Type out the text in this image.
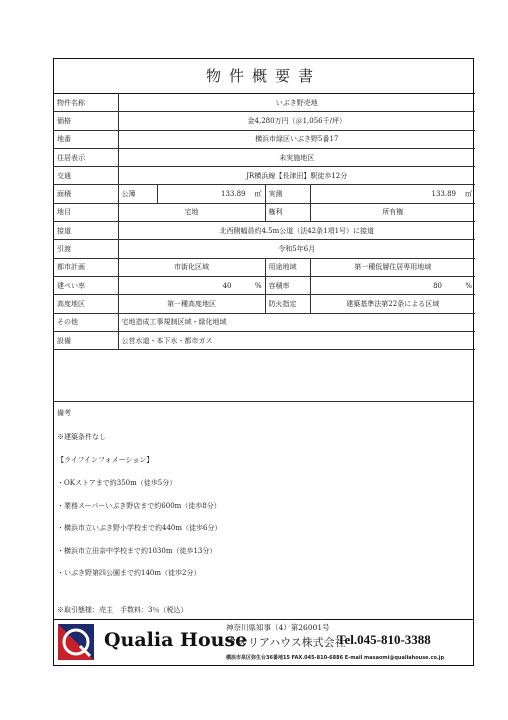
物件概要書
物件名称	いぶき野売地			
価格	金4,280万円（＠1,056千/坪）			
地番	横浜市緑区いぶき野5番17			
住居表示	未実施地区			
交通	JR横浜線【長津田】駅徒歩12分			
面積	公簿	133.89 ㎡	実測	133.89 ㎡
地目	宅地		権利	所有権
接道	北西側幅員約4.5m公道（法42条1項1号）に接道			
引渡	令和5年6月			
都市計画	市街化区域		用途地域	第一種低層住居専用地域
建ぺい率	40 %		容積率	80 %
高度地区	第一種高度地区		防火指定	建築基準法第22条による区域
その他	宅地造成工事規制区域・緑化地域			
設備	公営水道・本下水・都市ガス			
備考
※建築条件なし
【ライフインフォメーション】
・OKストアまで約350m（徒歩5分）
・業務スーパーいぶき野店まで約600m（徒歩8分）
・横浜市立いぶき野小学校まで約440m（徒歩6分）
・横浜市立田奈中学校まで約1030m（徒歩13分）
・いぶき野第四公園まで約140m（徒歩2分）
※取引態様：売主　手数料：3％（税込）
Qualia House
神奈川県知事（4）第26001号
クオリアハウス株式会社
Tel.045-810-3388
横浜市泉区弥生台36番地15 FAX.045-810-6886 E-mail masaomi@qualiahouse.co.jp
